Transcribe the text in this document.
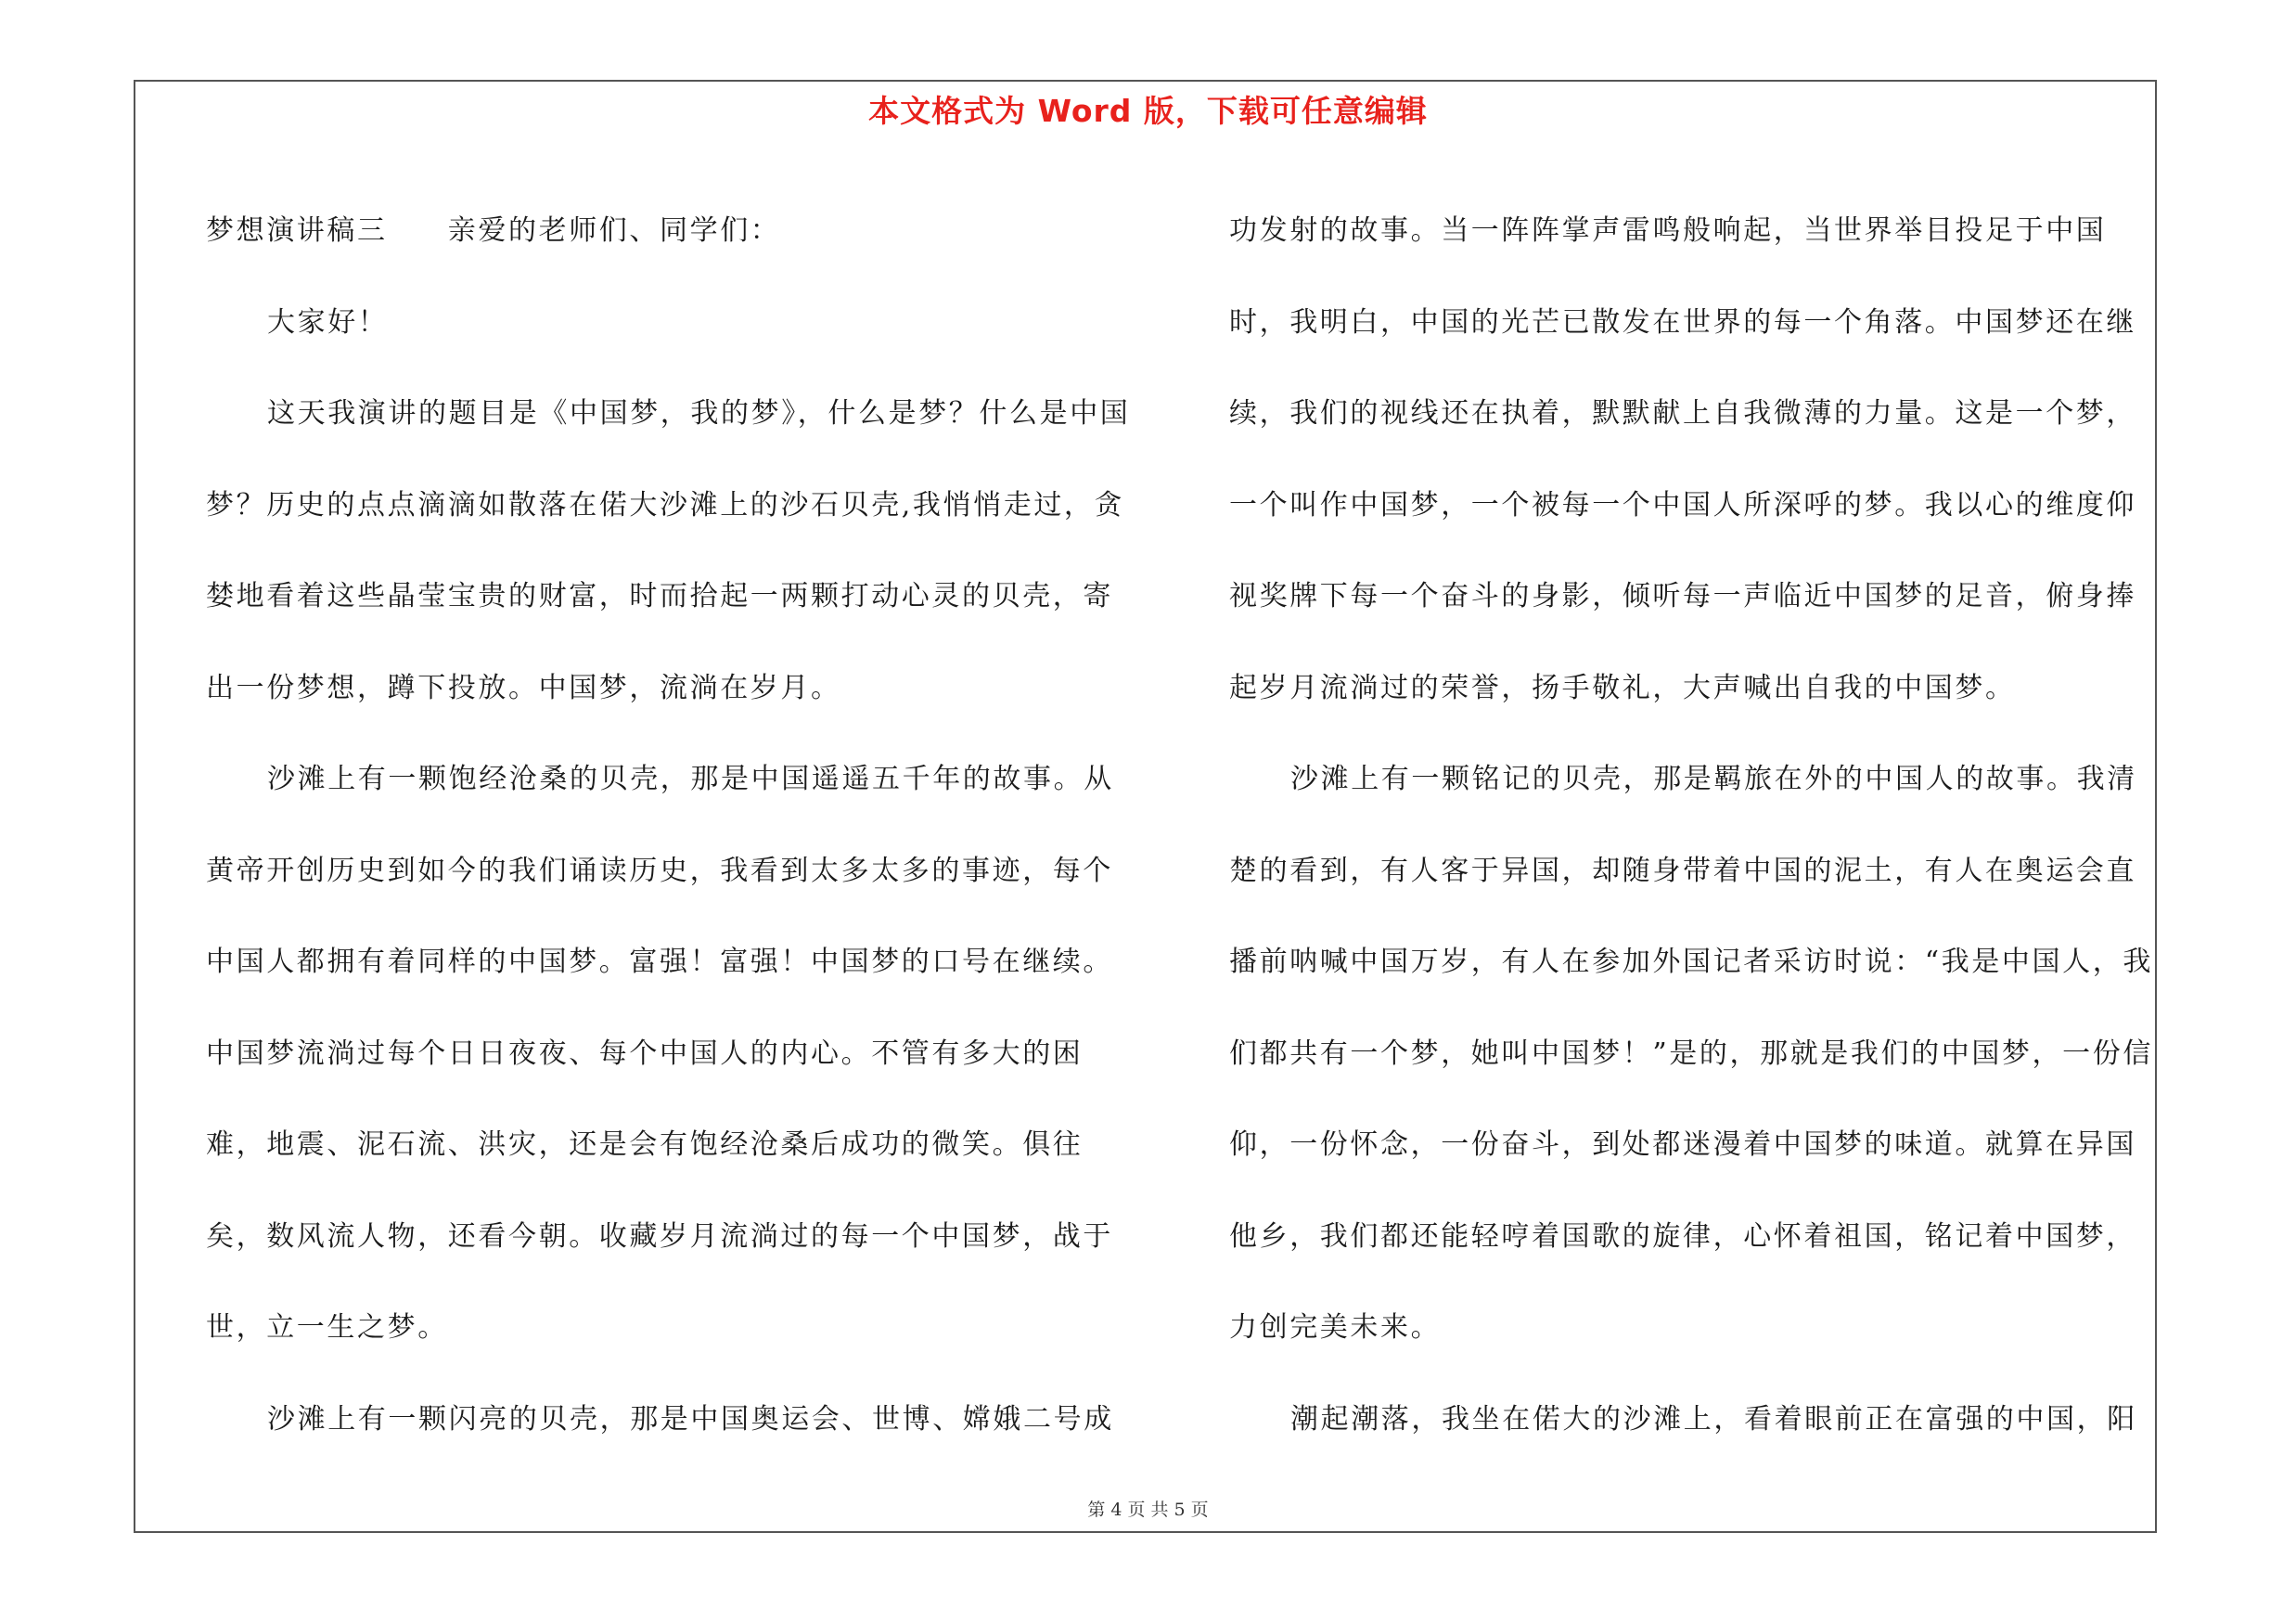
本文格式为 Word 版，下载可任意编辑

梦想演讲稿三　　亲爱的老师们、同学们：

大家好！

这天我演讲的题目是《中国梦，我的梦》，什么是梦？什么是中国梦？历史的点点滴滴如散落在偌大沙滩上的沙石贝壳,我悄悄走过，贪婪地看着这些晶莹宝贵的财富，时而拾起一两颗打动心灵的贝壳，寄出一份梦想，蹲下投放。中国梦，流淌在岁月。

沙滩上有一颗饱经沧桑的贝壳，那是中国遥遥五千年的故事。从黄帝开创历史到如今的我们诵读历史，我看到太多太多的事迹，每个中国人都拥有着同样的中国梦。富强！富强！中国梦的口号在继续。中国梦流淌过每个日日夜夜、每个中国人的内心。不管有多大的困难，地震、泥石流、洪灾，还是会有饱经沧桑后成功的微笑。俱往矣，数风流人物，还看今朝。收藏岁月流淌过的每一个中国梦，战于世，立一生之梦。

沙滩上有一颗闪亮的贝壳，那是中国奥运会、世博、嫦娥二号成

功发射的故事。当一阵阵掌声雷鸣般响起，当世界举目投足于中国时，我明白，中国的光芒已散发在世界的每一个角落。中国梦还在继续，我们的视线还在执着，默默献上自我微薄的力量。这是一个梦，一个叫作中国梦，一个被每一个中国人所深呼的梦。我以心的维度仰视奖牌下每一个奋斗的身影，倾听每一声临近中国梦的足音，俯身捧起岁月流淌过的荣誉，扬手敬礼，大声喊出自我的中国梦。

沙滩上有一颗铭记的贝壳，那是羁旅在外的中国人的故事。我清楚的看到，有人客于异国，却随身带着中国的泥土，有人在奥运会直播前呐喊中国万岁，有人在参加外国记者采访时说：“我是中国人，我们都共有一个梦，她叫中国梦！”是的，那就是我们的中国梦，一份信仰，一份怀念，一份奋斗，到处都迷漫着中国梦的味道。就算在异国他乡，我们都还能轻哼着国歌的旋律，心怀着祖国，铭记着中国梦，力创完美未来。

潮起潮落，我坐在偌大的沙滩上，看着眼前正在富强的中国，阳

第 4 页 共 5 页
